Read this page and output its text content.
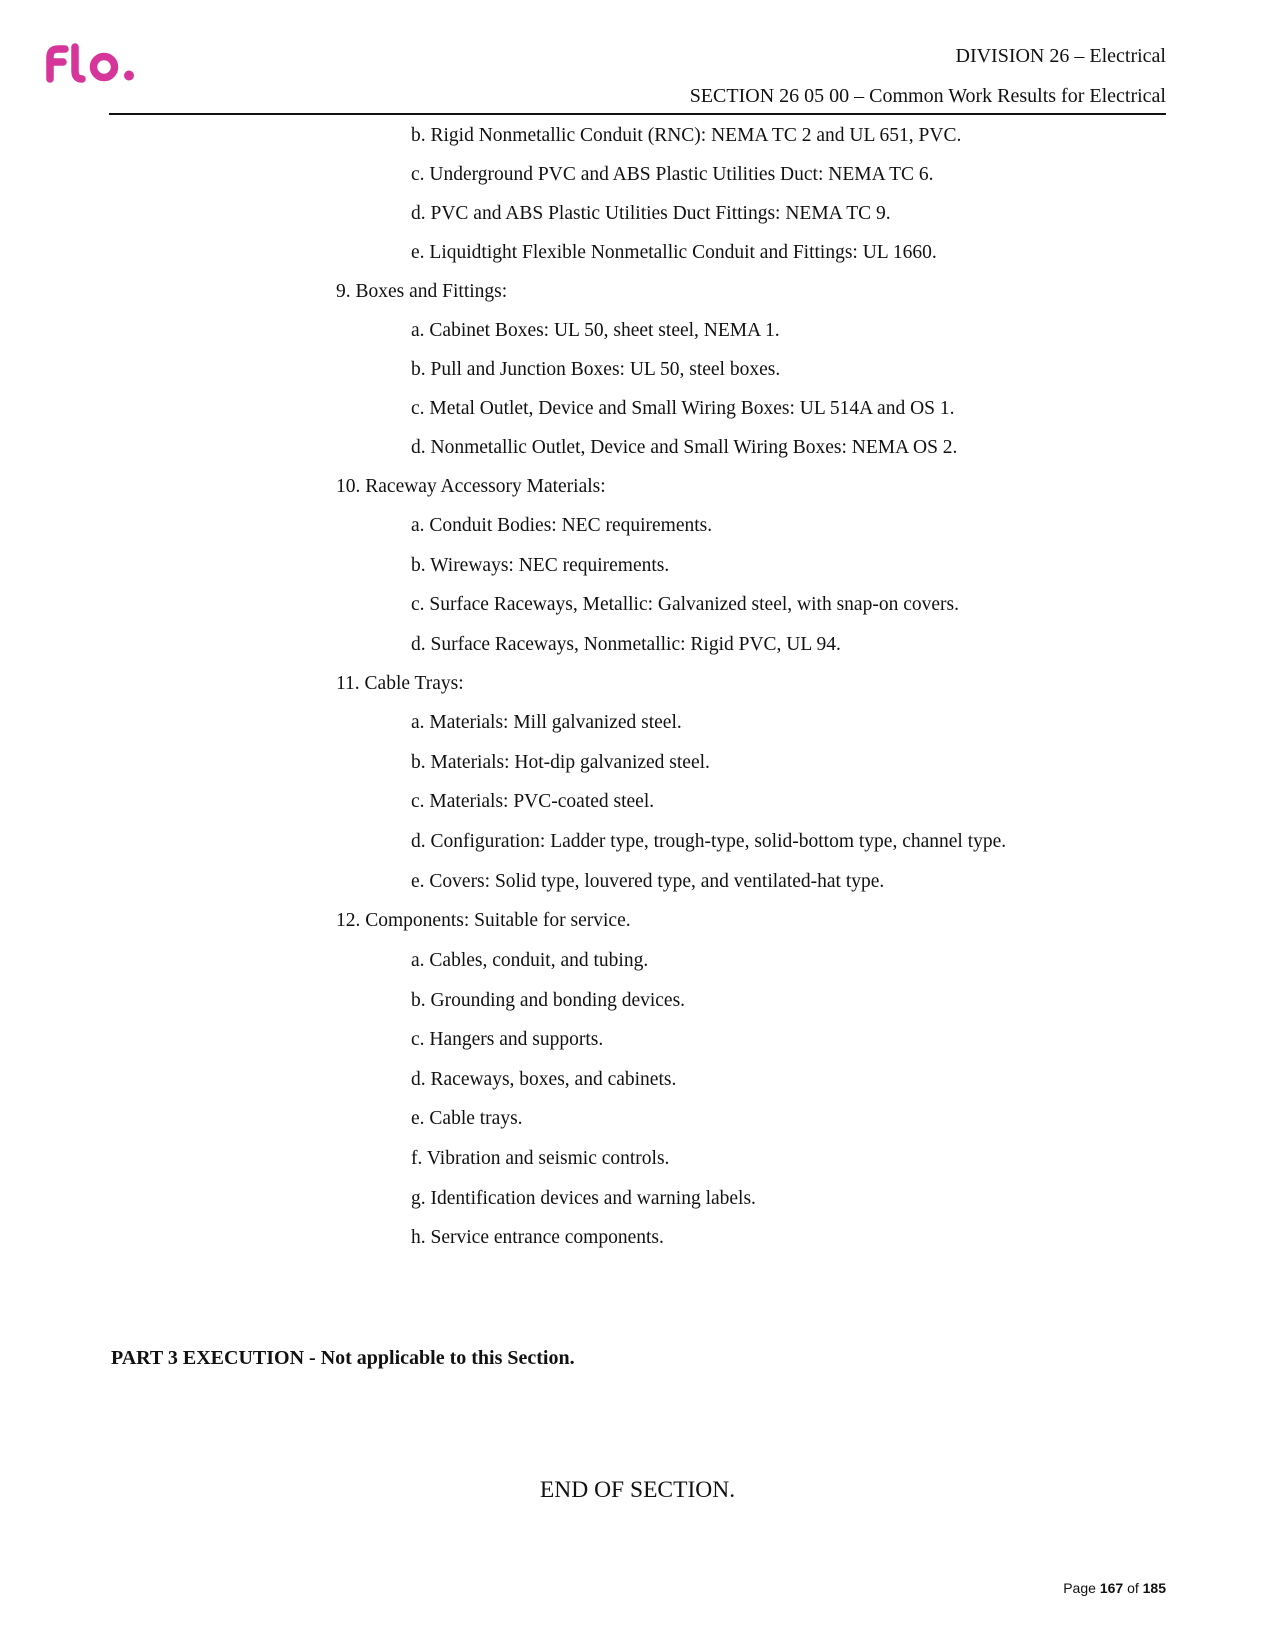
DIVISION 26 – Electrical
SECTION 26 05 00 – Common Work Results for Electrical
b. Rigid Nonmetallic Conduit (RNC): NEMA TC 2 and UL 651, PVC.
c. Underground PVC and ABS Plastic Utilities Duct: NEMA TC 6.
d. PVC and ABS Plastic Utilities Duct Fittings: NEMA TC 9.
e. Liquidtight Flexible Nonmetallic Conduit and Fittings: UL 1660.
9. Boxes and Fittings:
a. Cabinet Boxes: UL 50, sheet steel, NEMA 1.
b. Pull and Junction Boxes: UL 50, steel boxes.
c. Metal Outlet, Device and Small Wiring Boxes: UL 514A and OS 1.
d. Nonmetallic Outlet, Device and Small Wiring Boxes: NEMA OS 2.
10. Raceway Accessory Materials:
a. Conduit Bodies: NEC requirements.
b. Wireways: NEC requirements.
c. Surface Raceways, Metallic: Galvanized steel, with snap-on covers.
d. Surface Raceways, Nonmetallic: Rigid PVC, UL 94.
11. Cable Trays:
a. Materials: Mill galvanized steel.
b. Materials: Hot-dip galvanized steel.
c. Materials: PVC-coated steel.
d. Configuration: Ladder type, trough-type, solid-bottom type, channel type.
e. Covers: Solid type, louvered type, and ventilated-hat type.
12. Components: Suitable for service.
a. Cables, conduit, and tubing.
b. Grounding and bonding devices.
c. Hangers and supports.
d. Raceways, boxes, and cabinets.
e. Cable trays.
f. Vibration and seismic controls.
g. Identification devices and warning labels.
h. Service entrance components.
PART 3 EXECUTION - Not applicable to this Section.
END OF SECTION.
Page 167 of 185
